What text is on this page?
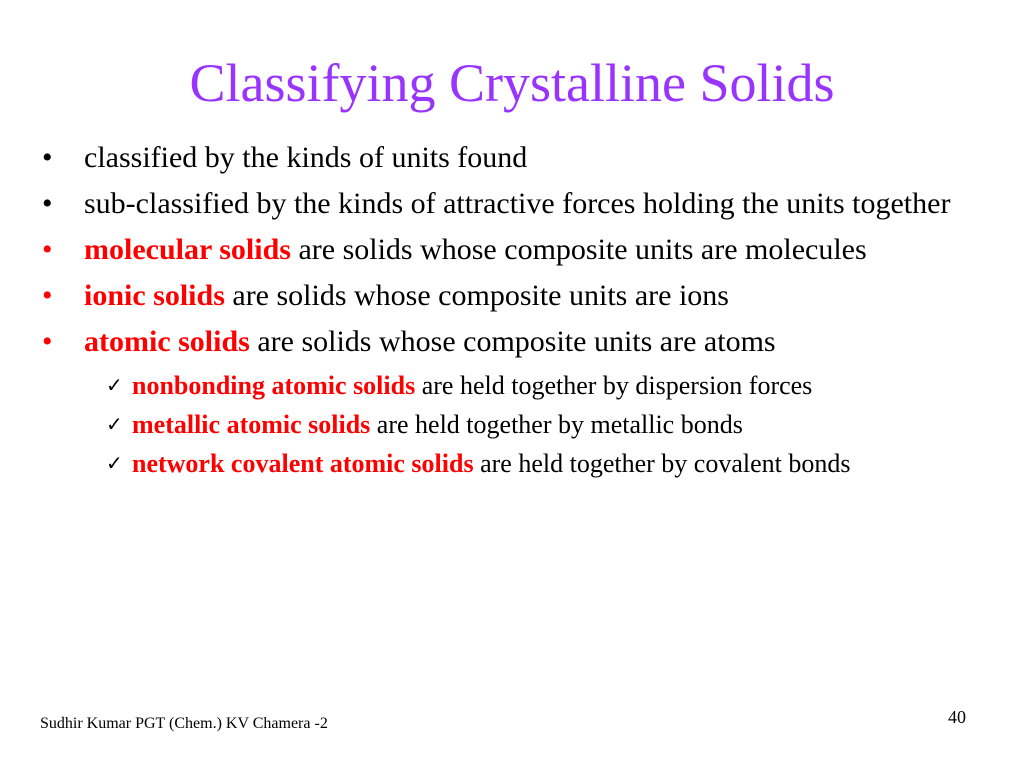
Classifying Crystalline Solids
• classified by the kinds of units found
• sub-classified by the kinds of attractive forces holding the units together
• molecular solids are solids whose composite units are molecules
• ionic solids are solids whose composite units are ions
• atomic solids are solids whose composite units are atoms
✓ nonbonding atomic solids are held together by dispersion forces
✓ metallic atomic solids are held together by metallic bonds
✓ network covalent atomic solids are held together by covalent bonds
Sudhir Kumar PGT (Chem.) KV Chamera -2	40
